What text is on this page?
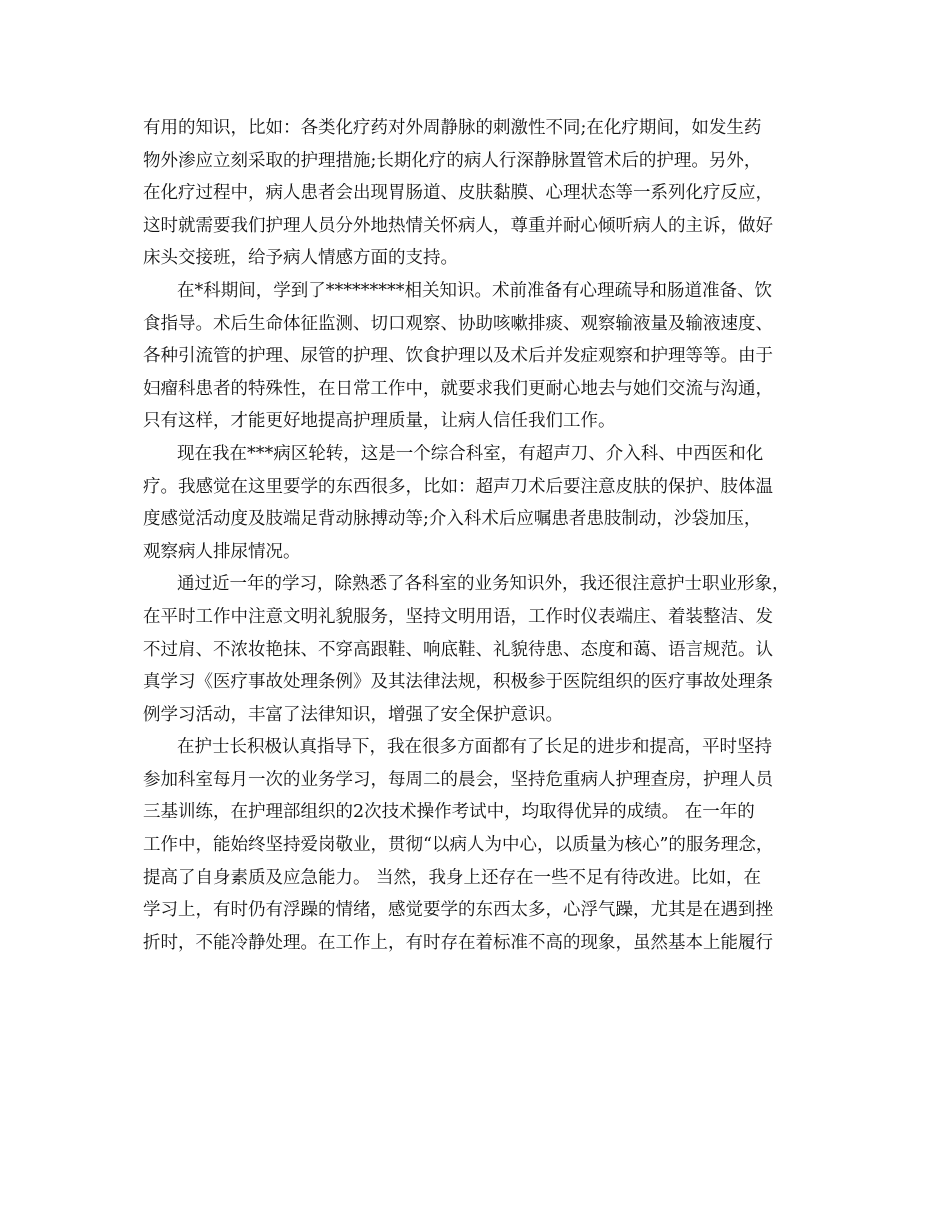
有用的知识，比如：各类化疗药对外周静脉的刺激性不同;在化疗期间，如发生药
物外渗应立刻采取的护理措施;长期化疗的病人行深静脉置管术后的护理。另外，
在化疗过程中，病人患者会出现胃肠道、皮肤黏膜、心理状态等一系列化疗反应，
这时就需要我们护理人员分外地热情关怀病人，尊重并耐心倾听病人的主诉，做好
床头交接班，给予病人情感方面的支持。
在*科期间，学到了*********相关知识。术前准备有心理疏导和肠道准备、饮
食指导。术后生命体征监测、切口观察、协助咳嗽排痰、观察输液量及输液速度、
各种引流管的护理、尿管的护理、饮食护理以及术后并发症观察和护理等等。由于
妇瘤科患者的特殊性，在日常工作中，就要求我们更耐心地去与她们交流与沟通，
只有这样，才能更好地提高护理质量，让病人信任我们工作。
现在我在***病区轮转，这是一个综合科室，有超声刀、介入科、中西医和化
疗。我感觉在这里要学的东西很多，比如：超声刀术后要注意皮肤的保护、肢体温
度感觉活动度及肢端足背动脉搏动等;介入科术后应嘱患者患肢制动，沙袋加压，
观察病人排尿情况。
通过近一年的学习，除熟悉了各科室的业务知识外，我还很注意护士职业形象，
在平时工作中注意文明礼貌服务，坚持文明用语，工作时仪表端庄、着装整洁、发
不过肩、不浓妆艳抹、不穿高跟鞋、响底鞋、礼貌待患、态度和蔼、语言规范。认
真学习《医疗事故处理条例》及其法律法规，积极参于医院组织的医疗事故处理条
例学习活动，丰富了法律知识，增强了安全保护意识。
在护士长积极认真指导下，我在很多方面都有了长足的进步和提高，平时坚持
参加科室每月一次的业务学习，每周二的晨会，坚持危重病人护理查房，护理人员
三基训练，在护理部组织的2次技术操作考试中，均取得优异的成绩。 在一年的
工作中，能始终坚持爱岗敬业，贯彻“以病人为中心，以质量为核心”的服务理念，
提高了自身素质及应急能力。 当然，我身上还存在一些不足有待改进。比如，在
学习上，有时仍有浮躁的情绪，感觉要学的东西太多，心浮气躁，尤其是在遇到挫
折时，不能冷静处理。在工作上，有时存在着标准不高的现象，虽然基本上能履行
